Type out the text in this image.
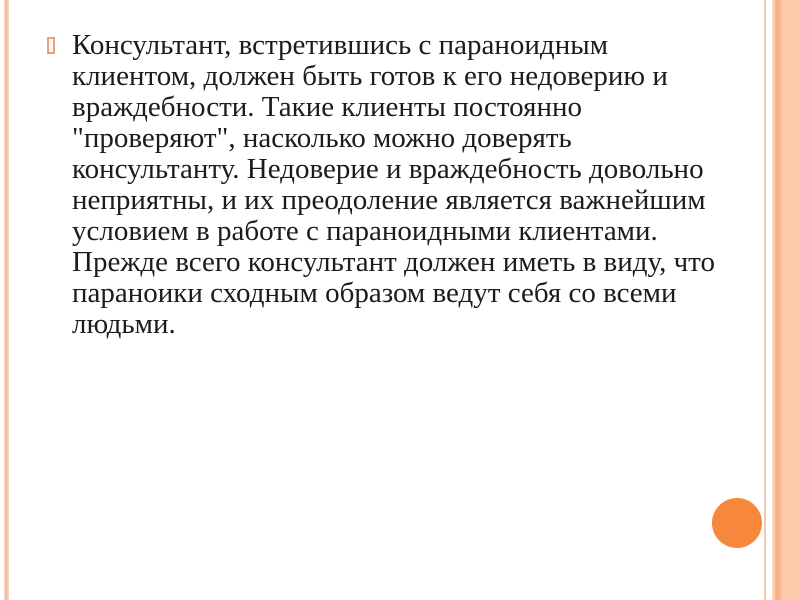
Консультант, встретившись с параноидным
клиентом, должен быть готов к его недоверию и
враждебности. Такие клиенты постоянно
"проверяют", насколько можно доверять
консультанту. Недоверие и враждебность довольно
неприятны, и их преодоление является важнейшим
условием в работе с параноидными клиентами.
Прежде всего консультант должен иметь в виду, что
параноики сходным образом ведут себя со всеми
людьми.
